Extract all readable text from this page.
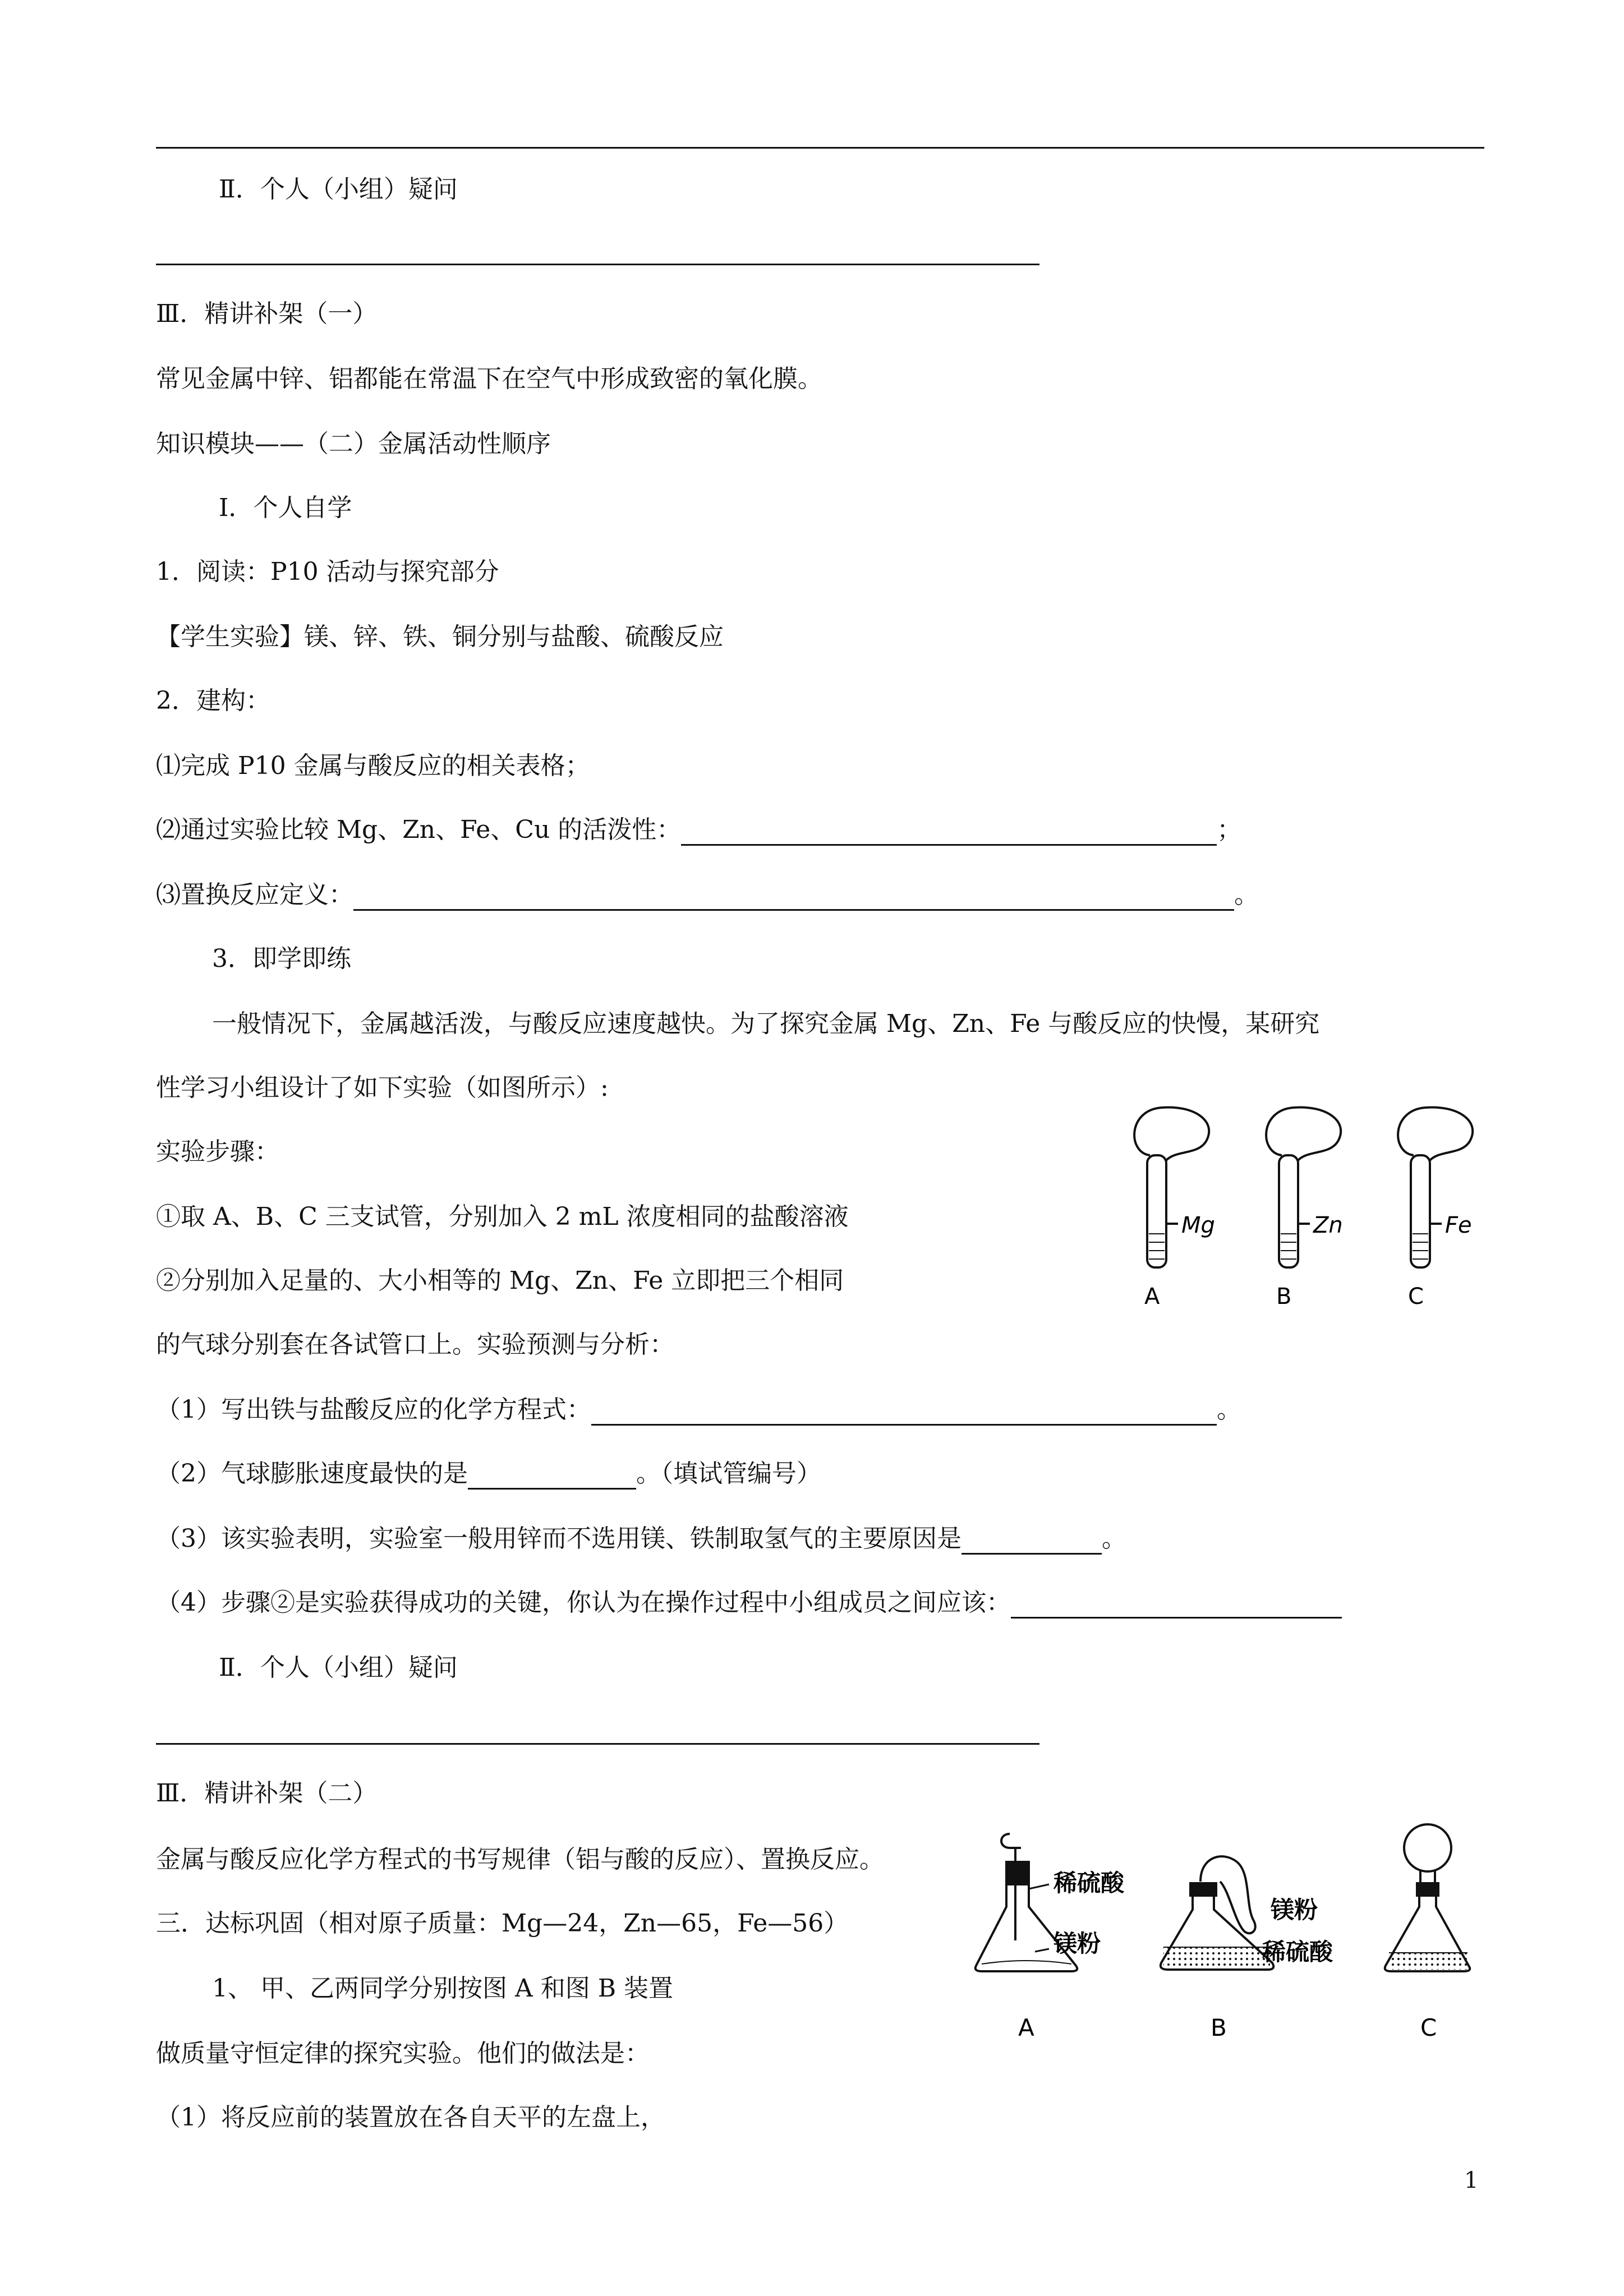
Ⅱ．个人（小组）疑问
Ⅲ．精讲补架（一）
常见金属中锌、铝都能在常温下在空气中形成致密的氧化膜。
知识模块——（二）金属活动性顺序
Ⅰ．个人自学
1．阅读：P10 活动与探究部分
【学生实验】镁、锌、铁、铜分别与盐酸、硫酸反应
2．建构：
⑴完成 P10 金属与酸反应的相关表格；
⑵通过实验比较 Mg、Zn、Fe、Cu 的活泼性：	；
⑶置换反应定义：	。
3．即学即练
一般情况下，金属越活泼，与酸反应速度越快。为了探究金属 Mg、Zn、Fe 与酸反应的快慢，某研究
性学习小组设计了如下实验（如图所示）:
实验步骤：
①取 A、B、C 三支试管，分别加入 2 mL 浓度相同的盐酸溶液
②分别加入足量的、大小相等的 Mg、Zn、Fe 立即把三个相同
的气球分别套在各试管口上。实验预测与分析：
Mg
A
Zn
B
Fe
C
（1）写出铁与盐酸反应的化学方程式：	。
（2）气球膨胀速度最快的是	。（填试管编号）
（3）该实验表明，实验室一般用锌而不选用镁、铁制取氢气的主要原因是	。
（4）步骤②是实验获得成功的关键，你认为在操作过程中小组成员之间应该：
Ⅱ．个人（小组）疑问
Ⅲ．精讲补架（二）
金属与酸反应化学方程式的书写规律（铝与酸的反应）、置换反应。
三．达标巩固（相对原子质量：Mg—24，Zn—65，Fe—56）
1、 甲、乙两同学分别按图 A 和图 B 装置
做质量守恒定律的探究实验。他们的做法是：
（1）将反应前的装置放在各自天平的左盘上，
稀硫酸
镁粉
A
镁粉
稀硫酸
B	C
1
